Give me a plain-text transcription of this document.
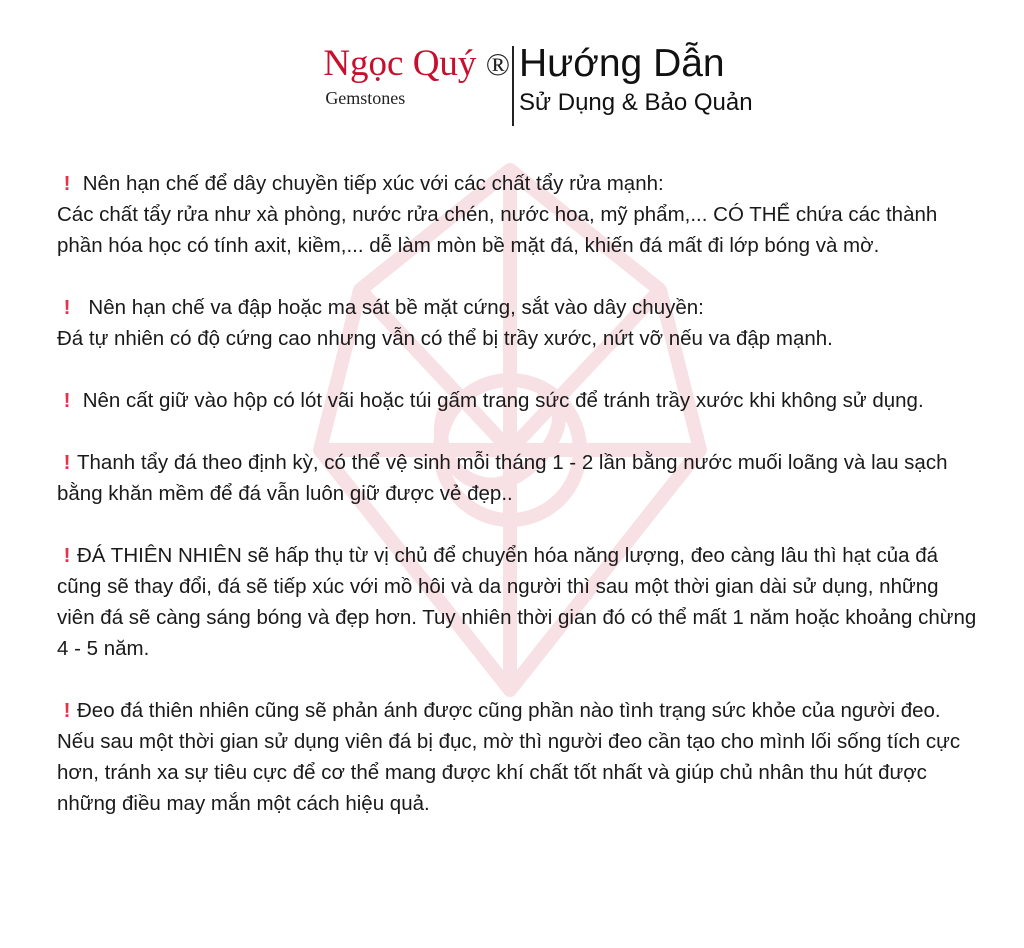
Ngọc Quý ®
Gemstones
Hướng Dẫn
Sử Dụng & Bảo Quản

! Nên hạn chế để dây chuyền tiếp xúc với các chất tẩy rửa mạnh:

Các chất tẩy rửa như xà phòng, nước rửa chén, nước hoa, mỹ phẩm,... CÓ THỂ chứa các thành phần hóa học có tính axit, kiềm,... dễ làm mòn bề mặt đá, khiến đá mất đi lớp bóng và mờ.

! Nên hạn chế va đập hoặc ma sát bề mặt cứng, sắt vào dây chuyền:

Đá tự nhiên có độ cứng cao nhưng vẫn có thể bị trầy xước, nứt vỡ nếu va đập mạnh.

! Nên cất giữ vào hộp có lót vãi hoặc túi gấm trang sức để tránh trầy xước khi không sử dụng.

! Thanh tẩy đá theo định kỳ, có thể vệ sinh mỗi tháng 1 - 2 lần bằng nước muối loãng và lau sạch bằng khăn mềm để đá vẫn luôn giữ được vẻ đẹp..

! ĐÁ THIÊN NHIÊN sẽ hấp thụ từ vị chủ để chuyển hóa năng lượng, đeo càng lâu thì hạt của đá cũng sẽ thay đổi, đá sẽ tiếp xúc với mồ hôi và da người thì sau một thời gian dài sử dụng, những viên đá sẽ càng sáng bóng và đẹp hơn. Tuy nhiên thời gian đó có thể mất 1 năm hoặc khoảng chừng 4 - 5 năm.

! Đeo đá thiên nhiên cũng sẽ phản ánh được cũng phần nào tình trạng sức khỏe của người đeo.

Nếu sau một thời gian sử dụng viên đá bị đục, mờ thì người đeo cần tạo cho mình lối sống tích cực hơn, tránh xa sự tiêu cực để cơ thể mang được khí chất tốt nhất và giúp chủ nhân thu hút được những điều may mắn một cách hiệu quả.
